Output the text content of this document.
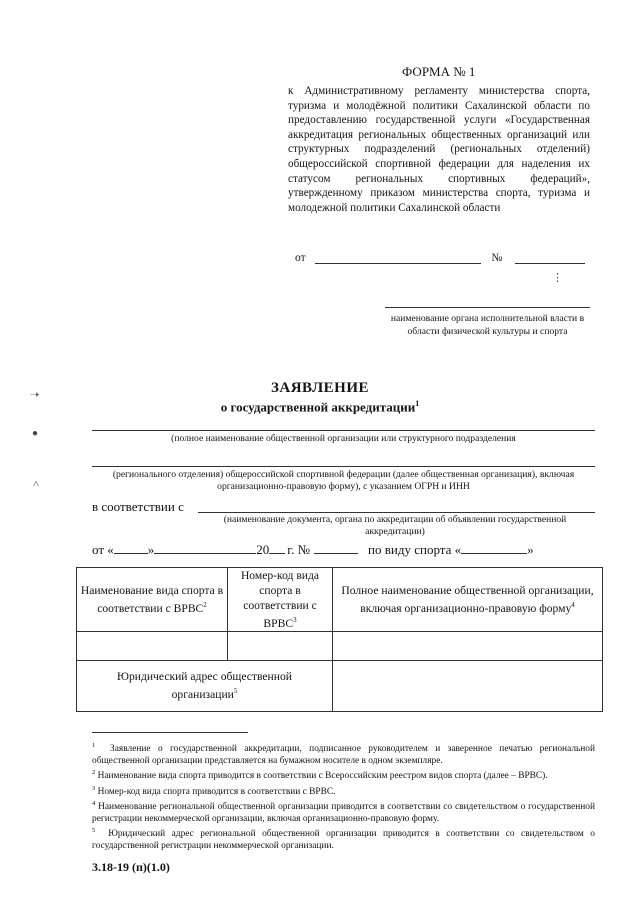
ФОРМА № 1
к Административному регламенту министерства спорта, туризма и молодёжной политики Сахалинской области по предоставлению государственной услуги «Государственная аккредитация региональных общественных организаций или структурных подразделений (региональных отделений) общероссийской спортивной федерации для наделения их статусом региональных спортивных федераций», утвержденному приказом министерства спорта, туризма и молодежной политики Сахалинской области
от	№
⋮
наименование органа исполнительной власти в области физической культуры и спорта
➝
●
˄
ЗАЯВЛЕНИЕ
о государственной аккредитации$^1$
(полное наименование общественной организации или структурного подразделения
(регионального отделения) общероссийской спортивной федерации (далее общественная организация), включая организационно-правовую форму), с указанием ОГРН и ИНН
в соответствии с
(наименование документа, органа по аккредитации об объявлении государственной аккредитации)
от «	»	20 г. №	по виду спорта «	»
Наименование вида спорта в соответствии с ВРВС$^2$	Номер-код вида спорта в соответствии с ВРВС$^3$	Полное наименование общественной организации, включая организационно-правовую форму$^4$

Юридический адрес общественной организации$^5$	
$^1$ Заявление о государственной аккредитации, подписанное руководителем и заверенное печатью региональной общественной организации представляется на бумажном носителе в одном экземпляре.
$^2$ Наименование вида спорта приводится в соответствии с Всероссийским реестром видов спорта (далее – ВРВС).
$^3$ Номер-код вида спорта приводится в соответствии с ВРВС.
$^4$ Наименование региональной общественной организации приводится в соответствии со свидетельством о государственной регистрации некоммерческой организации, включая организационно-правовую форму.
$^5$ Юридический адрес региональной общественной организации приводится в соответствии со свидетельством о государственной регистрации некоммерческой организации.
3.18-19 (п)(1.0)
